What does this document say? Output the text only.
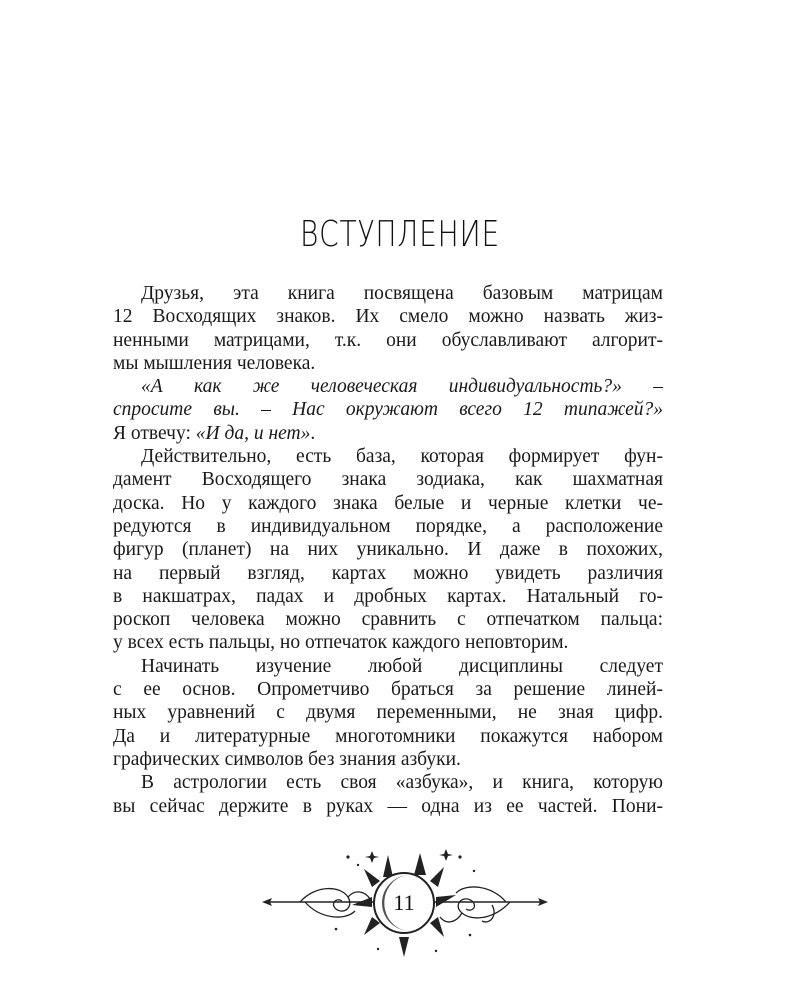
ВСТУПЛЕНИЕ
Друзья, эта книга посвящена базовым матрицам
12 Восходящих знаков. Их смело можно назвать жиз-
ненными матрицами, т.к. они обуславливают алгорит-
мы мышления человека.
«А как же человеческая индивидуальность?» –
спросите вы. – Нас окружают всего 12 типажей?»
Я отвечу: «И да, и нет».
Действительно, есть база, которая формирует фун-
дамент Восходящего знака зодиака, как шахматная
доска. Но у каждого знака белые и черные клетки че-
редуются в индивидуальном порядке, а расположение
фигур (планет) на них уникально. И даже в похожих,
на первый взгляд, картах можно увидеть различия
в накшатрах, падах и дробных картах. Натальный го-
роскоп человека можно сравнить с отпечатком пальца:
у всех есть пальцы, но отпечаток каждого неповторим.
Начинать изучение любой дисциплины следует
с ее основ. Опрометчиво браться за решение линей-
ных уравнений с двумя переменными, не зная цифр.
Да и литературные многотомники покажутся набором
графических символов без знания азбуки.
В астрологии есть своя «азбука», и книга, которую
вы сейчас держите в руках — одна из ее частей. Пони-
11
